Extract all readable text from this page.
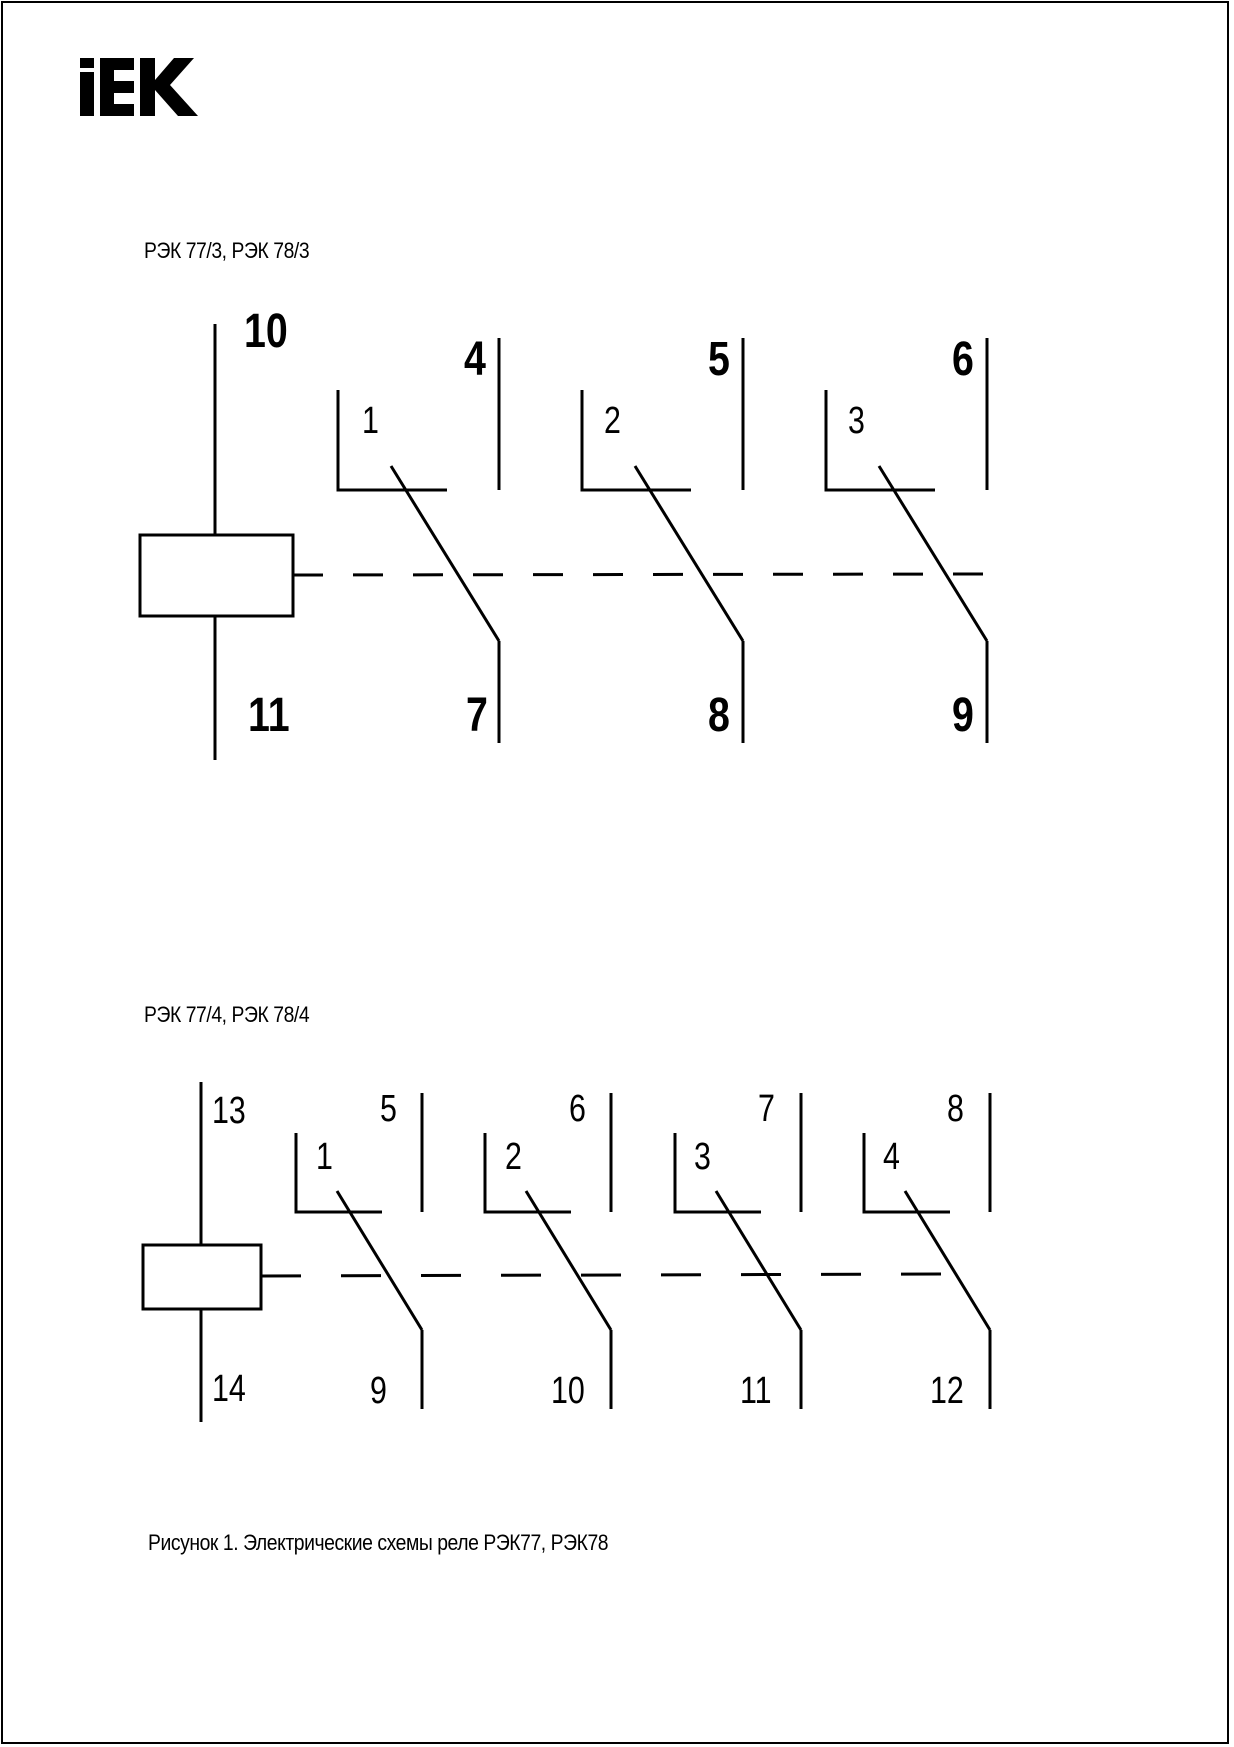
РЭК 77/3, РЭК 78/3
10
11
4
1
7
5
2
8
6
3
9
РЭК 77/4, РЭК 78/4
13
14
5
1
9
6
2
10
7
3
11
8
4
12
Рисунок 1. Электрические схемы реле РЭК77, РЭК78
